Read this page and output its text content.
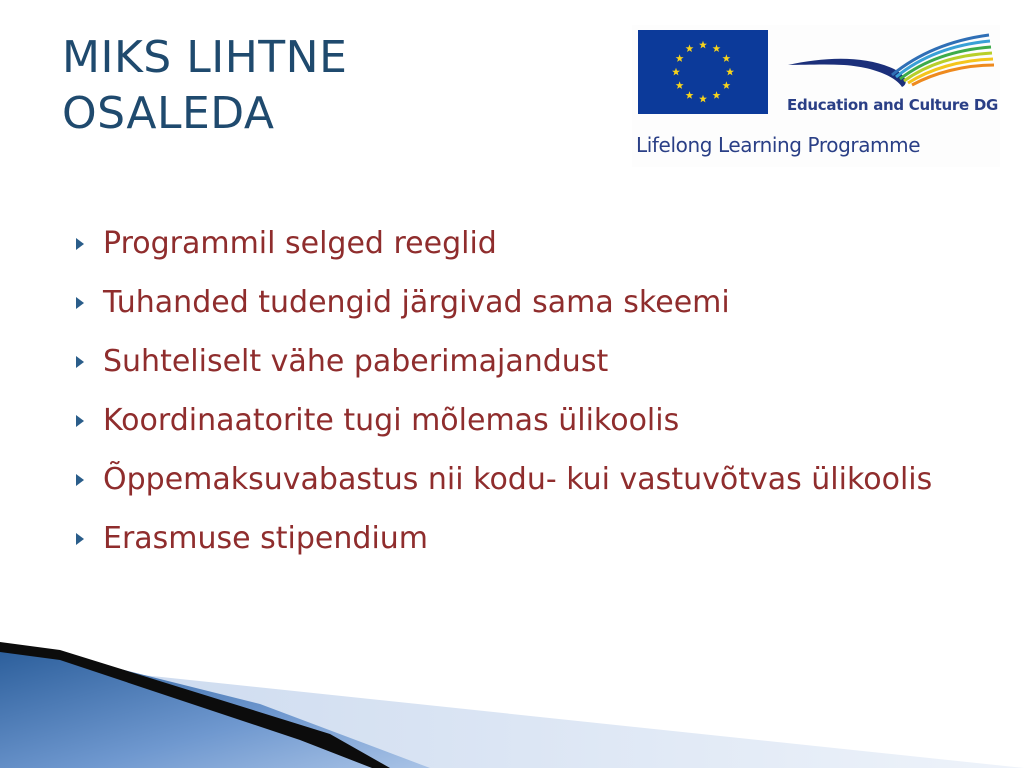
MIKS LIHTNE
OSALEDA	Education and Culture DG
Lifelong Learning Programme
Programmil selged reeglid
Tuhanded tudengid järgivad sama skeemi
Suhteliselt vähe paberimajandust
Koordinaatorite tugi mõlemas ülikoolis
Õppemaksuvabastus nii kodu- kui vastuvõtvas ülikoolis
Erasmuse stipendium
